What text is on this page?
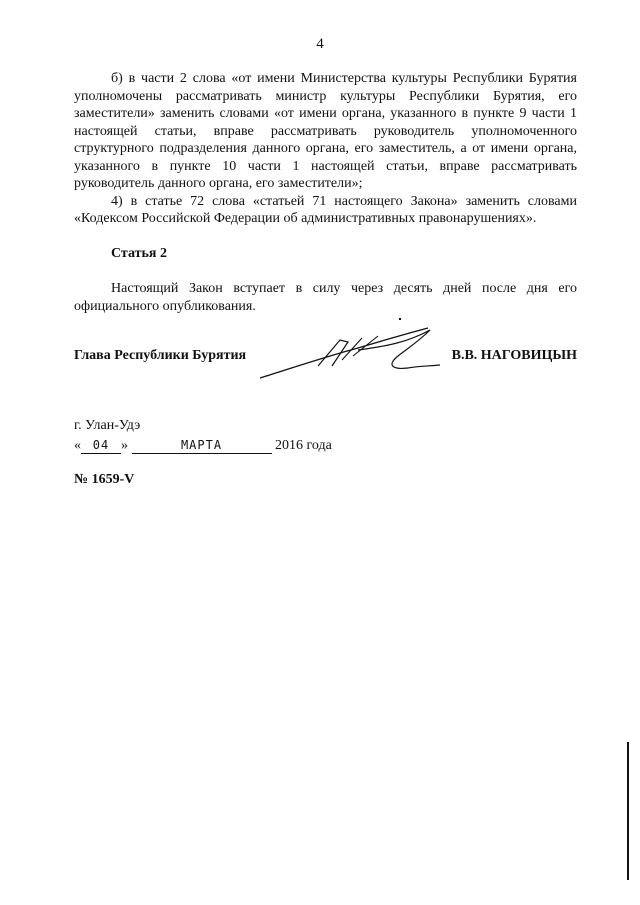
4

б) в части 2 слова «от имени Министерства культуры Республики Бурятия уполномочены рассматривать министр культуры Республики Бурятия, его заместители» заменить словами «от имени органа, указанного в пункте 9 части 1 настоящей статьи, вправе рассматривать руководитель уполномоченного структурного подразделения данного органа, его заместитель, а от имени органа, указанного в пункте 10 части 1 настоящей статьи, вправе рассматривать руководитель данного органа, его заместители»;

4) в статье 72 слова «статьей 71 настоящего Закона» заменить словами «Кодексом Российской Федерации об административных правонарушениях».

Статья 2

Настоящий Закон вступает в силу через десять дней после дня его официального опубликования.

Глава Республики Бурятия	В.В. НАГОВИЦЫН
г. Улан-Удэ
« 04 »	МАРТА	2016 года
№ 1659-V
